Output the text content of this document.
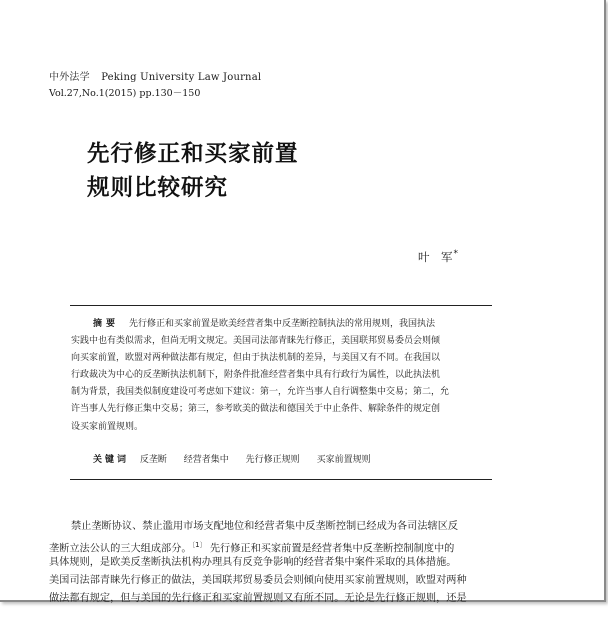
中外法学 Peking University Law Journal
Vol.27,No.1(2015) pp.130－150
先行修正和买家前置
规则比较研究
叶　军*
摘要 先行修正和买家前置是欧美经营者集中反垄断控制执法的常用规则，我国执法
实践中也有类似需求，但尚无明文规定。美国司法部青睐先行修正，美国联邦贸易委员会则倾
向买家前置，欧盟对两种做法都有规定，但由于执法机制的差异，与美国又有不同。在我国以
行政裁决为中心的反垄断执法机制下，附条件批准经营者集中具有行政行为属性，以此执法机
制为背景，我国类似制度建设可考虑如下建议：第一，允许当事人自行调整集中交易；第二，允
许当事人先行修正集中交易；第三，参考欧美的做法和德国关于中止条件、解除条件的规定创
设买家前置规则。
关键词 反垄断 经营者集中 先行修正规则 买家前置规则
禁止垄断协议、禁止滥用市场支配地位和经营者集中反垄断控制已经成为各司法辖区反
垄断立法公认的三大组成部分。$^{〔1〕}$ 先行修正和买家前置是经营者集中反垄断控制制度中的
具体规则，是欧美反垄断执法机构办理具有反竞争影响的经营者集中案件采取的具体措施。
美国司法部青睐先行修正的做法，美国联邦贸易委员会则倾向使用买家前置规则，欧盟对两种
做法都有规定，但与美国的先行修正和买家前置规则又有所不同。无论是先行修正规则，还是
